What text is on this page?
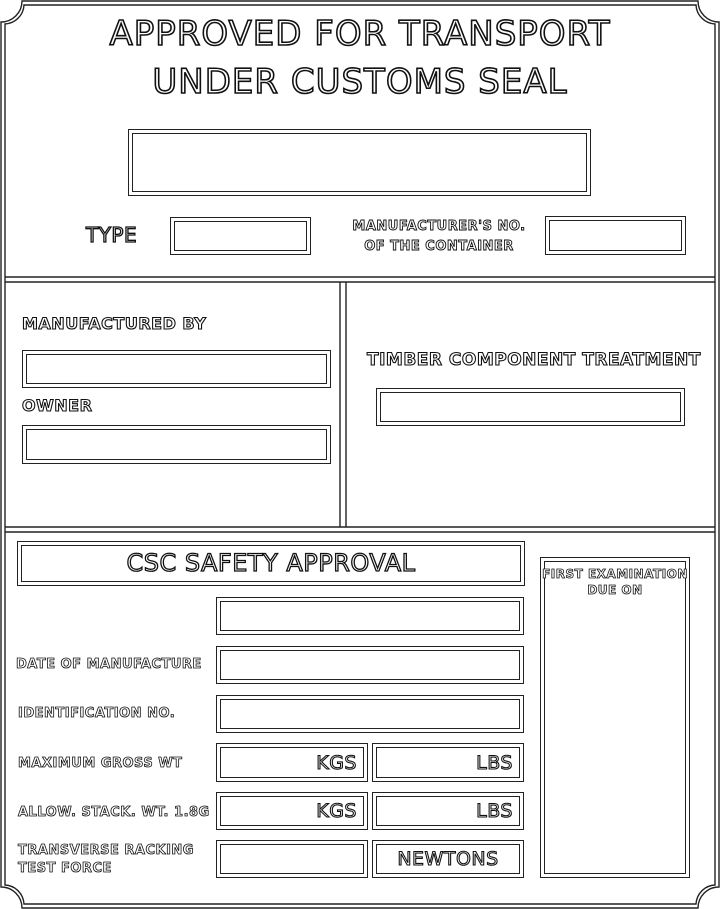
APPROVED FOR TRANSPORT
UNDER CUSTOMS SEAL
TYPE	MANUFACTURER'S NO.
OF THE CONTAINER
MANUFACTURED BY
OWNER
TIMBER COMPONENT TREATMENT
CSC SAFETY APPROVAL
DATE OF MANUFACTURE
IDENTIFICATION NO.
MAXIMUM GROSS WT	KGS	LBS
ALLOW. STACK. WT. 1.8G	KGS	LBS
TRANSVERSE RACKING
TEST FORCE	NEWTONS
FIRST EXAMINATION
DUE ON
